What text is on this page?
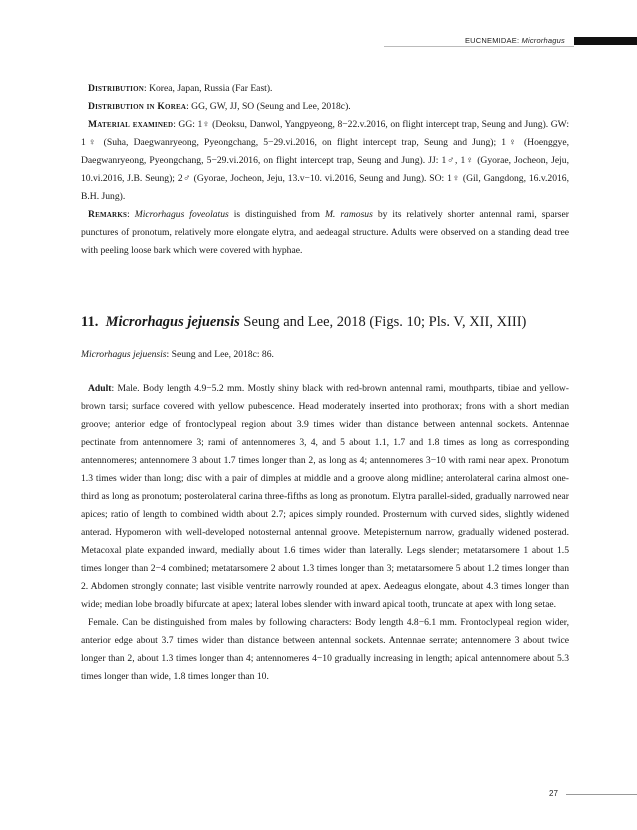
EUCNEMIDAE: Microrhagus

Distribution: Korea, Japan, Russia (Far East).

Distribution in Korea: GG, GW, JJ, SO (Seung and Lee, 2018c).

Material examined: GG: 1♀ (Deoksu, Danwol, Yangpyeong, 8−22.v.2016, on flight intercept trap, Seung and Jung). GW: 1♀ (Suha, Daegwanryeong, Pyeongchang, 5−29.vi.2016, on flight intercept trap, Seung and Jung); 1♀ (Hoenggye, Daegwanryeong, Pyeongchang, 5−29.vi.2016, on flight intercept trap, Seung and Jung). JJ: 1♂, 1♀ (Gyorae, Jocheon, Jeju, 10.vi.2016, J.B. Seung); 2♂ (Gyorae, Jocheon, Jeju, 13.v−10. vi.2016, Seung and Jung). SO: 1♀ (Gil, Gangdong, 16.v.2016, B.H. Jung).

Remarks: Microrhagus foveolatus is distinguished from M. ramosus by its relatively shorter antennal rami, sparser punctures of pronotum, relatively more elongate elytra, and aedeagal structure. Adults were observed on a standing dead tree with peeling loose bark which were covered with hyphae.

11. Microrhagus jejuensis Seung and Lee, 2018 (Figs. 10; Pls. V, XII, XIII)
Microrhagus jejuensis: Seung and Lee, 2018c: 86.

Adult: Male. Body length 4.9−5.2 mm. Mostly shiny black with red-brown antennal rami, mouthparts, tibiae and yellow-brown tarsi; surface covered with yellow pubescence. Head moderately inserted into prothorax; frons with a short median groove; anterior edge of frontoclypeal region about 3.9 times wider than distance between antennal sockets. Antennae pectinate from antennomere 3; rami of antennomeres 3, 4, and 5 about 1.1, 1.7 and 1.8 times as long as corresponding antennomeres; antennomere 3 about 1.7 times longer than 2, as long as 4; antennomeres 3−10 with rami near apex. Pronotum 1.3 times wider than long; disc with a pair of dimples at middle and a groove along midline; anterolateral carina almost one-third as long as pronotum; posterolateral carina three-fifths as long as pronotum. Elytra parallel-sided, gradually narrowed near apices; ratio of length to combined width about 2.7; apices simply rounded. Prosternum with curved sides, slightly widened anterad. Hypomeron with well-developed notosternal antennal groove. Metepisternum narrow, gradually widened posterad. Metacoxal plate expanded inward, medially about 1.6 times wider than laterally. Legs slender; metatarsomere 1 about 1.5 times longer than 2−4 combined; metatarsomere 2 about 1.3 times longer than 3; metatarsomere 5 about 1.2 times longer than 2. Abdomen strongly connate; last visible ventrite narrowly rounded at apex. Aedeagus elongate, about 4.3 times longer than wide; median lobe broadly bifurcate at apex; lateral lobes slender with inward apical tooth, truncate at apex with long setae.

Female. Can be distinguished from males by following characters: Body length 4.8−6.1 mm. Frontoclypeal region wider, anterior edge about 3.7 times wider than distance between antennal sockets. Antennae serrate; antennomere 3 about twice longer than 2, about 1.3 times longer than 4; antennomeres 4−10 gradually increasing in length; apical antennomere about 5.3 times longer than wide, 1.8 times longer than 10.

27
